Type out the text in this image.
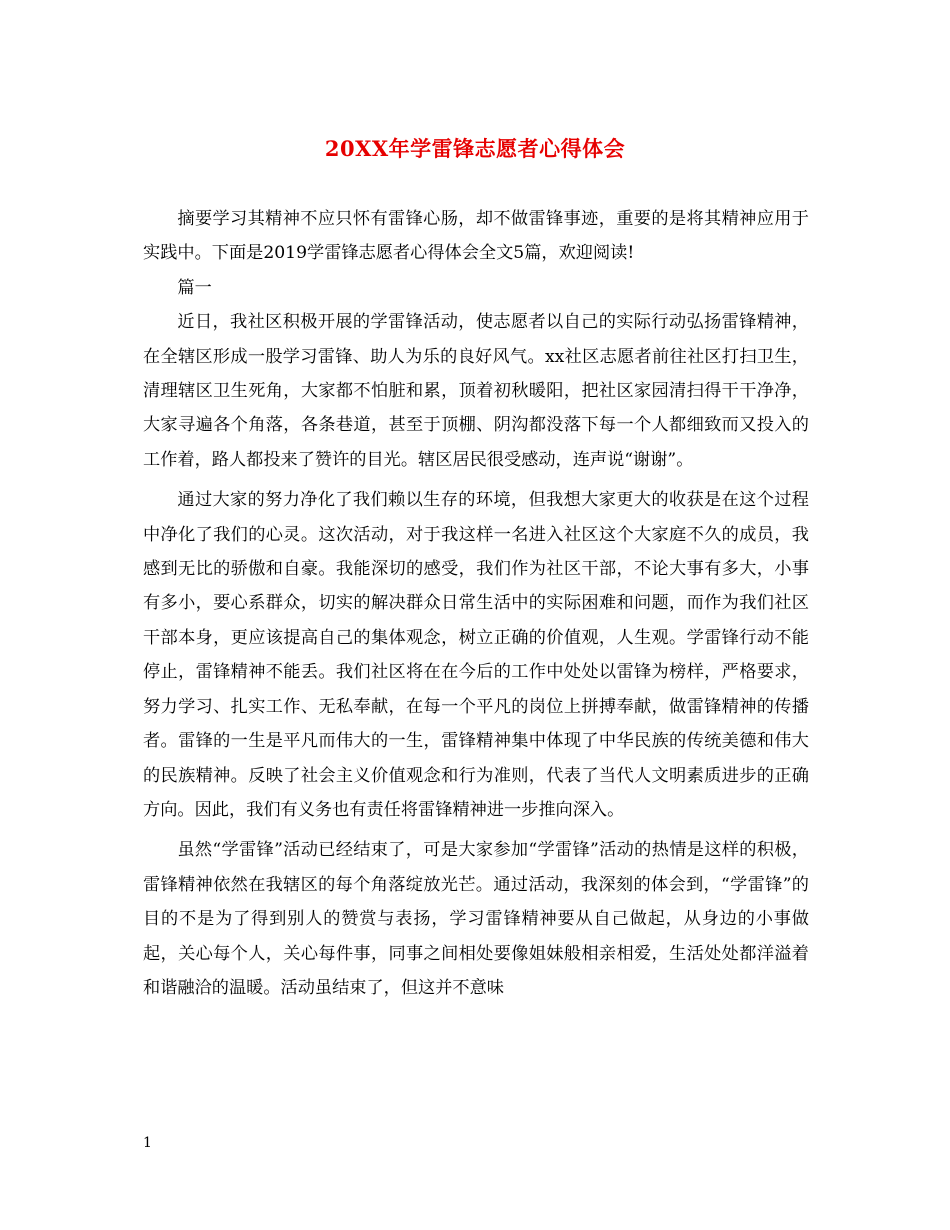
20XX年学雷锋志愿者心得体会

摘要学习其精神不应只怀有雷锋心肠，却不做雷锋事迹，重要的是将其精神应用于实践中。下面是2019学雷锋志愿者心得体会全文5篇，欢迎阅读!

篇一

近日，我社区积极开展的学雷锋活动，使志愿者以自己的实际行动弘扬雷锋精神，在全辖区形成一股学习雷锋、助人为乐的良好风气。xx社区志愿者前往社区打扫卫生，清理辖区卫生死角，大家都不怕脏和累，顶着初秋暖阳，把社区家园清扫得干干净净，大家寻遍各个角落，各条巷道，甚至于顶棚、阴沟都没落下每一个人都细致而又投入的工作着，路人都投来了赞许的目光。辖区居民很受感动，连声说“谢谢”。

通过大家的努力净化了我们赖以生存的环境，但我想大家更大的收获是在这个过程中净化了我们的心灵。这次活动，对于我这样一名进入社区这个大家庭不久的成员，我感到无比的骄傲和自豪。我能深切的感受，我们作为社区干部，不论大事有多大，小事有多小，要心系群众，切实的解决群众日常生活中的实际困难和问题，而作为我们社区干部本身，更应该提高自己的集体观念，树立正确的价值观，人生观。学雷锋行动不能停止，雷锋精神不能丢。我们社区将在在今后的工作中处处以雷锋为榜样，严格要求，努力学习、扎实工作、无私奉献，在每一个平凡的岗位上拼搏奉献，做雷锋精神的传播者。雷锋的一生是平凡而伟大的一生，雷锋精神集中体现了中华民族的传统美德和伟大的民族精神。反映了社会主义价值观念和行为准则，代表了当代人文明素质进步的正确方向。因此，我们有义务也有责任将雷锋精神进一步推向深入。

虽然“学雷锋”活动已经结束了，可是大家参加“学雷锋”活动的热情是这样的积极，雷锋精神依然在我辖区的每个角落绽放光芒。通过活动，我深刻的体会到，“学雷锋”的目的不是为了得到别人的赞赏与表扬，学习雷锋精神要从自己做起，从身边的小事做起，关心每个人，关心每件事，同事之间相处要像姐妹般相亲相爱，生活处处都洋溢着和谐融洽的温暖。活动虽结束了，但这并不意味

1
